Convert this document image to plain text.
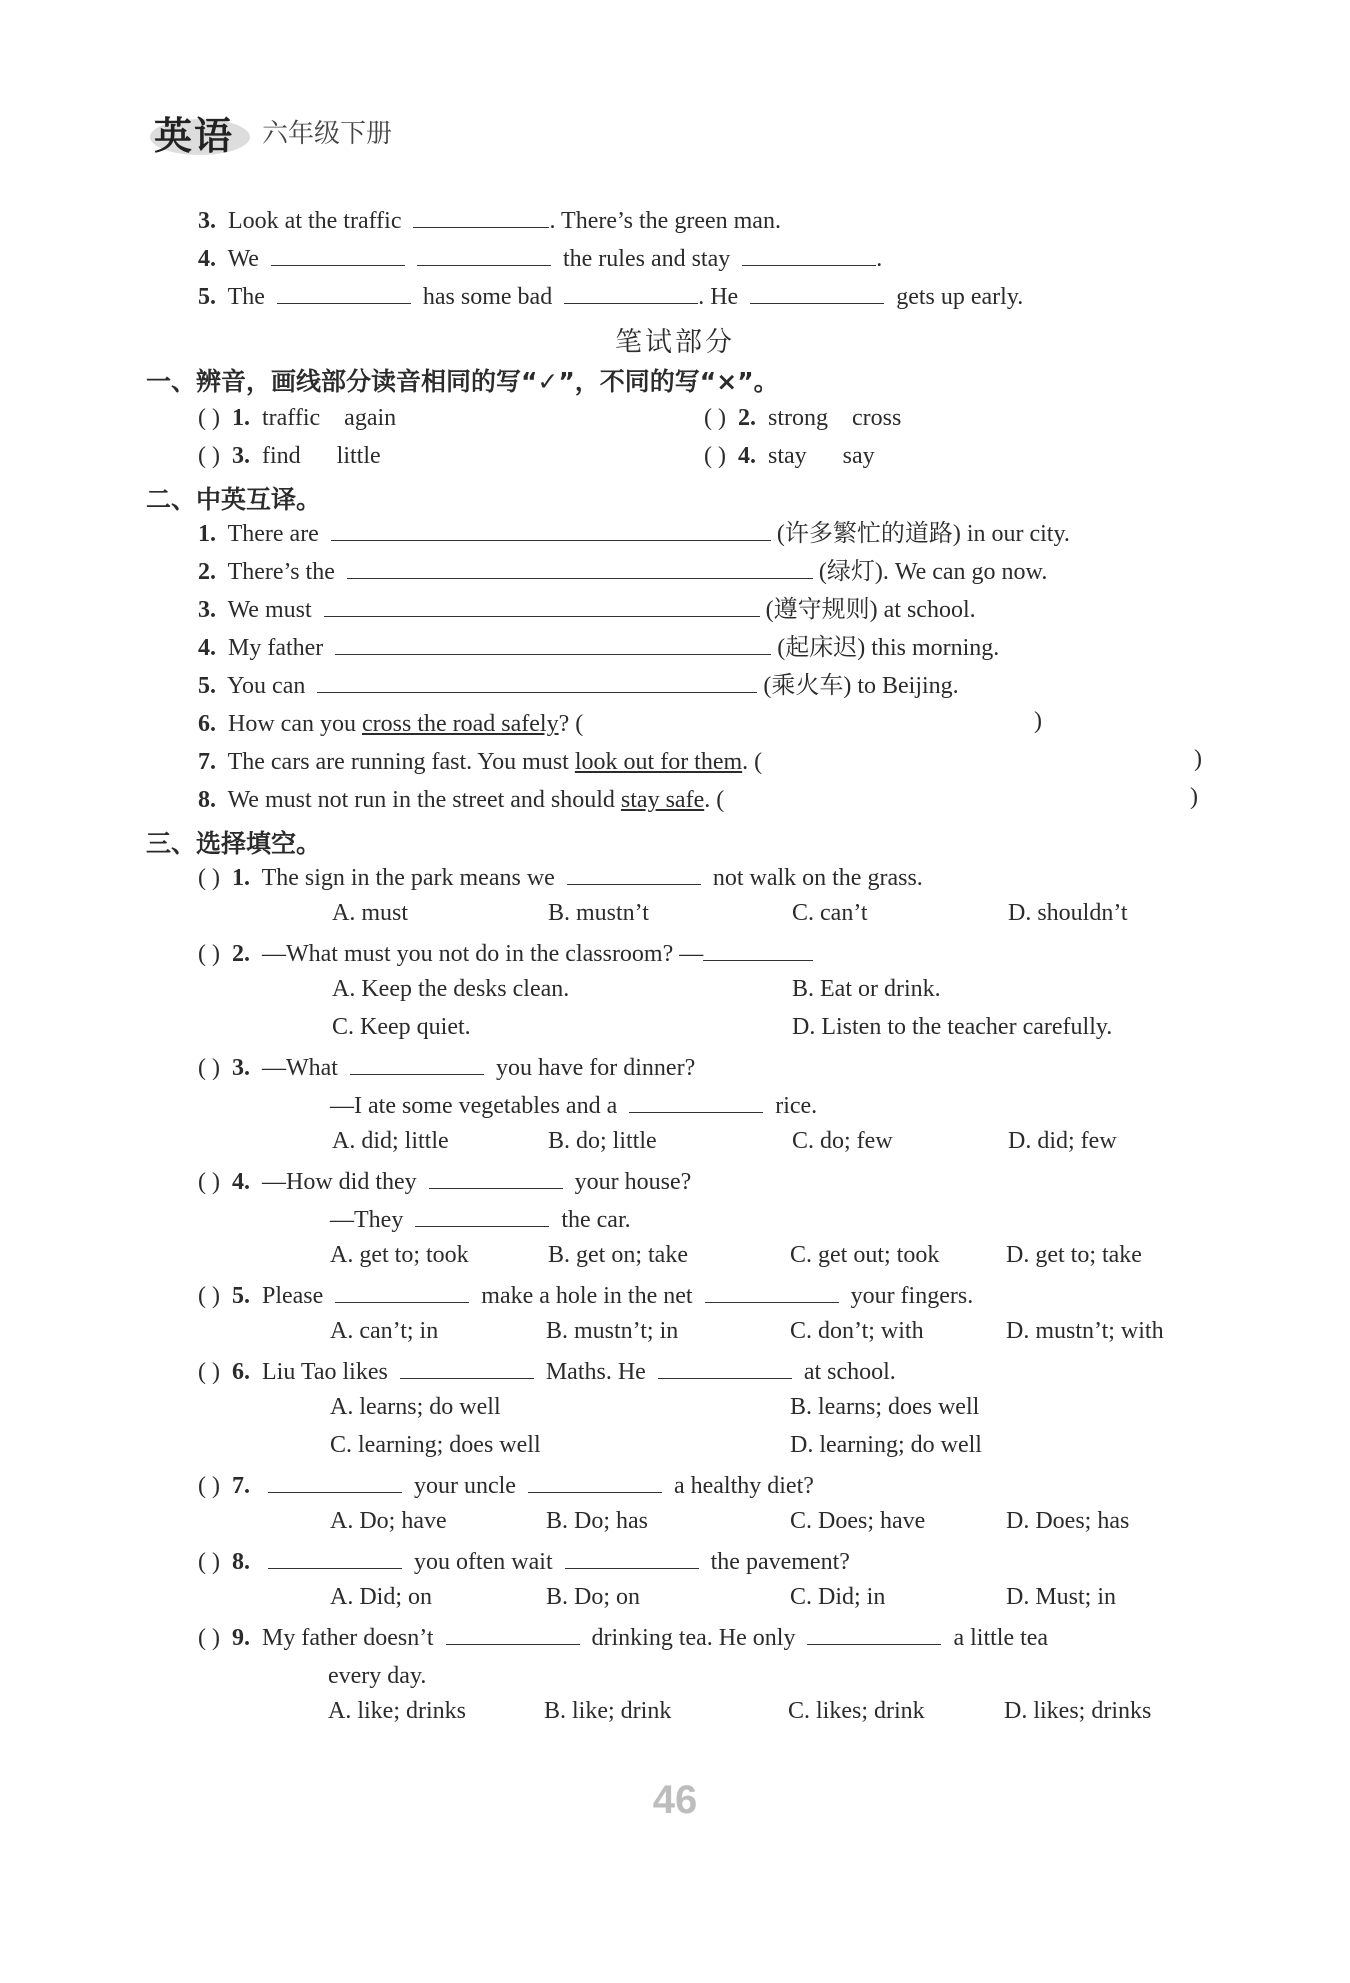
英语 六年级下册
3. Look at the traffic	. There’s the green man.
4. We	the rules and stay	.
5. The	has some bad	. He	gets up early.
笔试部分
一、辨音，画线部分读音相同的写“✓”，不同的写“×”。
( ) 1. traffic again	( ) 2. strong cross
( ) 3. find little	( ) 4. stay say
二、中英互译。
1. There are	(许多繁忙的道路) in our city.
2. There’s the	(绿灯). We can go now.
3. We must	(遵守规则) at school.
4. My father	(起床迟) this morning.
5. You can	(乘火车) to Beijing.
6. How can you cross the road safely? (	)
7. The cars are running fast. You must look out for them. (	)
8. We must not run in the street and should stay safe. (	)
三、选择填空。
( ) 1. The sign in the park means we	not walk on the grass.
A. must	B. mustn’t	C. can’t	D. shouldn’t
( ) 2. —What must you not do in the classroom? —
A. Keep the desks clean.	B. Eat or drink.
C. Keep quiet.	D. Listen to the teacher carefully.
( ) 3. —What	you have for dinner?
—I ate some vegetables and a	rice.
A. did; little	B. do; little	C. do; few	D. did; few
( ) 4. —How did they	your house?
—They	the car.
A. get to; took	B. get on; take	C. get out; took	D. get to; take
( ) 5. Please	make a hole in the net	your fingers.
A. can’t; in	B. mustn’t; in	C. don’t; with	D. mustn’t; with
( ) 6. Liu Tao likes	Maths. He	at school.
A. learns; do well	B. learns; does well
C. learning; does well	D. learning; do well
( ) 7.	your uncle	a healthy diet?
A. Do; have	B. Do; has	C. Does; have	D. Does; has
( ) 8.	you often wait	the pavement?
A. Did; on	B. Do; on	C. Did; in	D. Must; in
( ) 9. My father doesn’t	drinking tea. He only	a little tea
every day.
A. like; drinks	B. like; drink	C. likes; drink	D. likes; drinks
46
